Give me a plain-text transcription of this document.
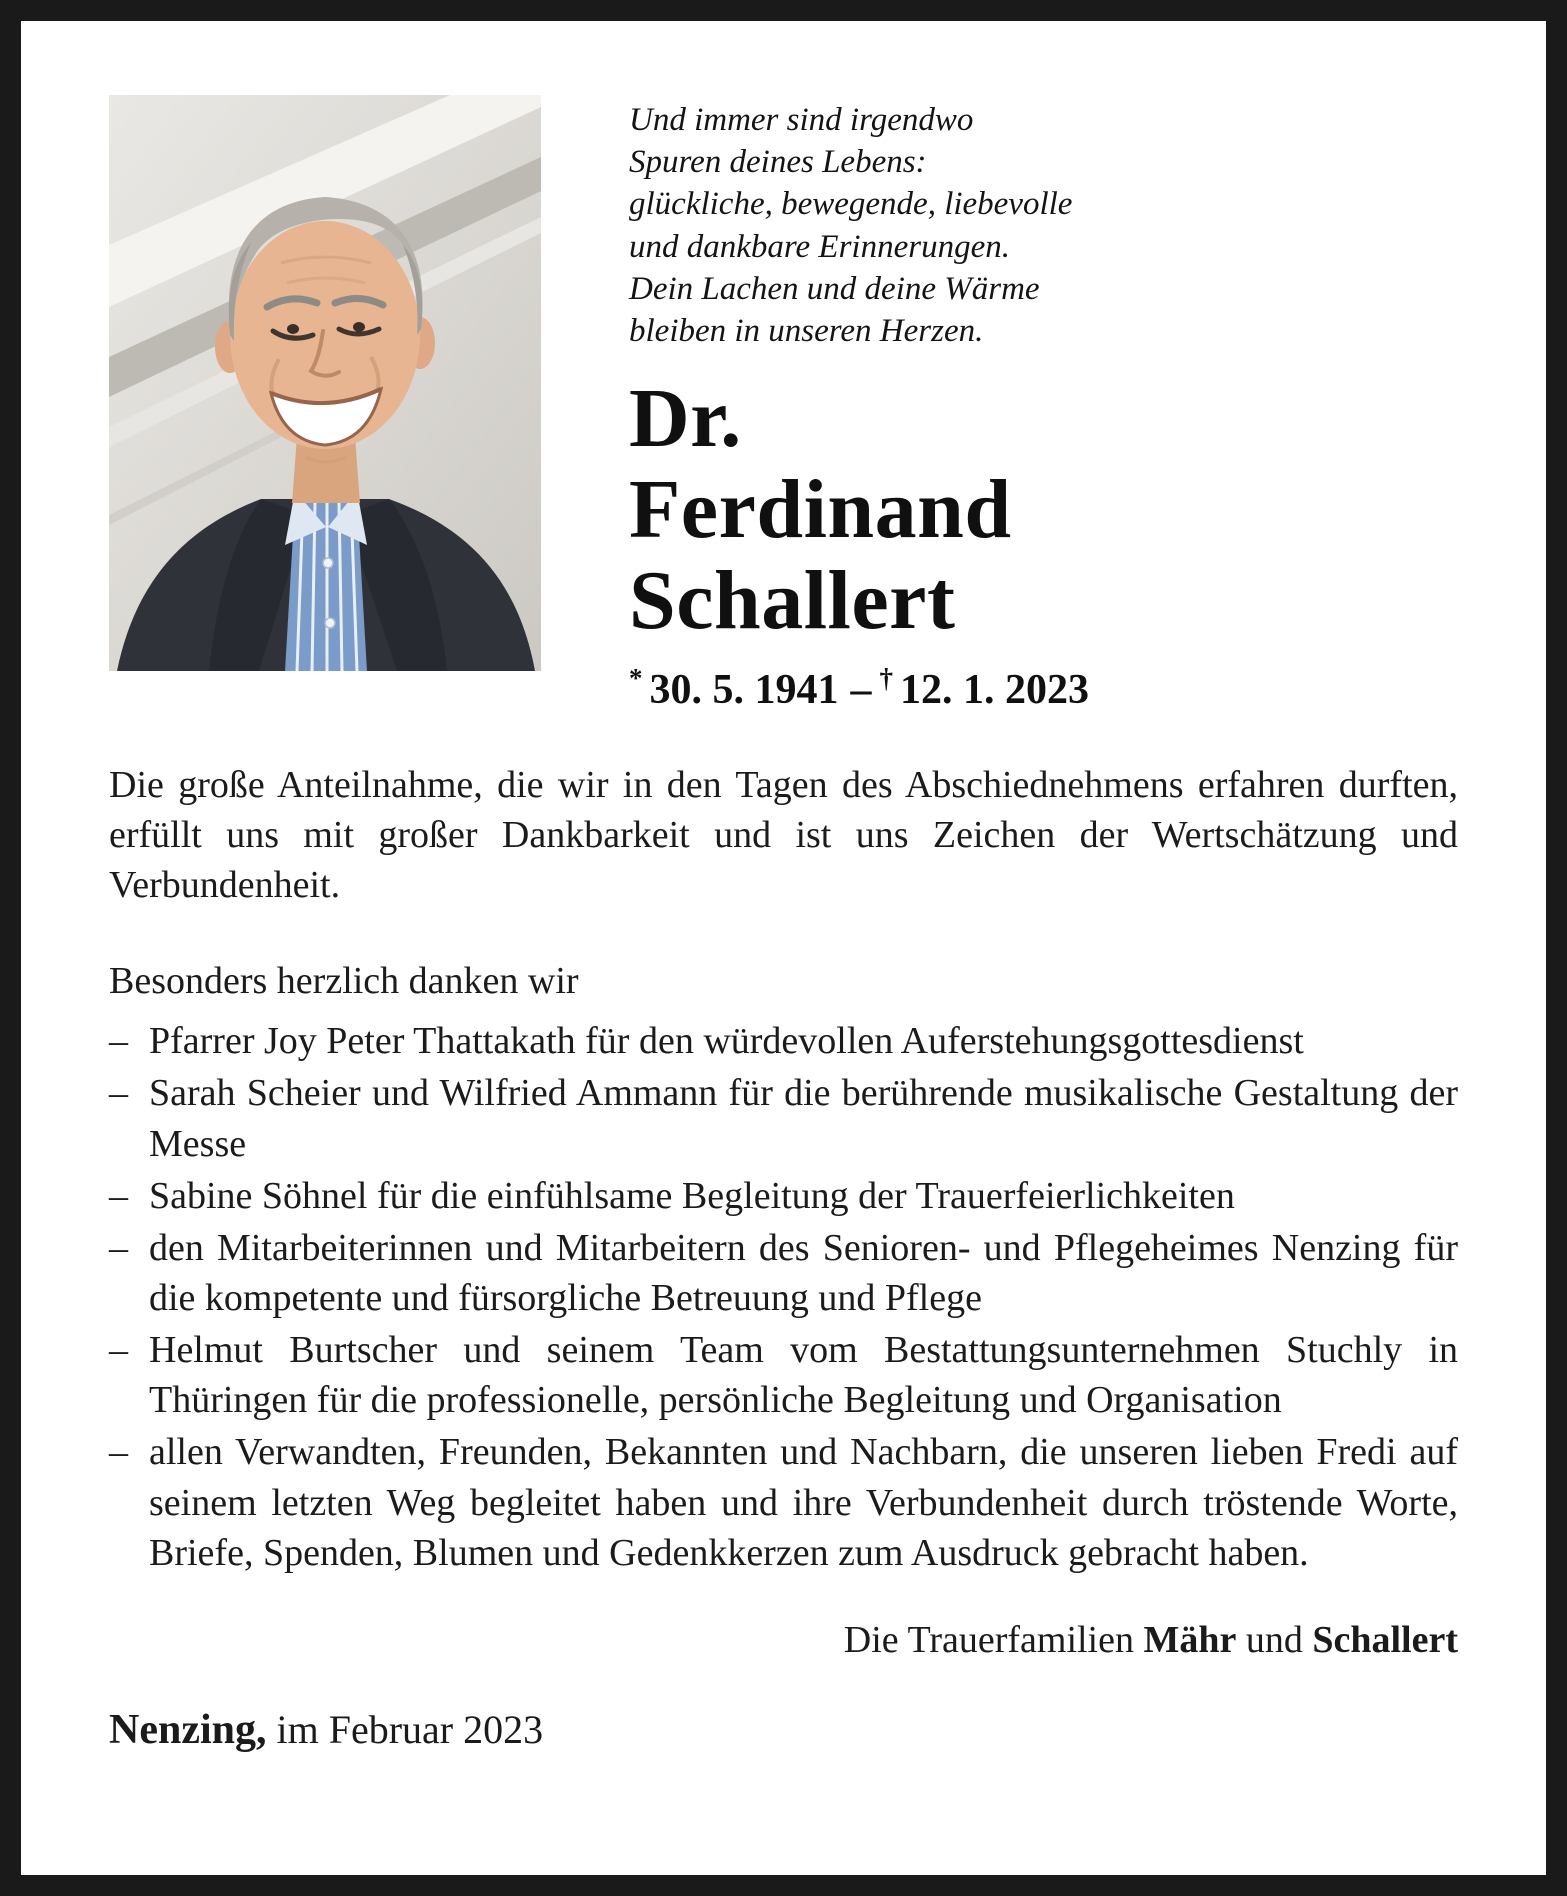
Und immer sind irgendwo
Spuren deines Lebens:
glückliche, bewegende, liebevolle
und dankbare Erinnerungen.
Dein Lachen und deine Wärme
bleiben in unseren Herzen.
Dr.
Ferdinand
Schallert
* 30. 5. 1941 – † 12. 1. 2023

Die große Anteilnahme, die wir in den Tagen des Abschiednehmens erfahren durften, erfüllt uns mit großer Dankbarkeit und ist uns Zeichen der Wertschätzung und Verbundenheit.

Besonders herzlich danken wir

– Pfarrer Joy Peter Thattakath für den würdevollen Auferstehungsgottesdienst
– Sarah Scheier und Wilfried Ammann für die berührende musikalische Gestaltung der Messe
– Sabine Söhnel für die einfühlsame Begleitung der Trauerfeierlichkeiten
– den Mitarbeiterinnen und Mitarbeitern des Senioren- und Pflegeheimes Nenzing für die kompetente und fürsorgliche Betreuung und Pflege
– Helmut Burtscher und seinem Team vom Bestattungsunternehmen Stuchly in Thüringen für die professionelle, persönliche Begleitung und Organisation
– allen Verwandten, Freunden, Bekannten und Nachbarn, die unseren lieben Fredi auf seinem letzten Weg begleitet haben und ihre Verbundenheit durch tröstende Worte, Briefe, Spenden, Blumen und Gedenkkerzen zum Ausdruck gebracht haben.
Die Trauerfamilien Mähr und Schallert
Nenzing, im Februar 2023
